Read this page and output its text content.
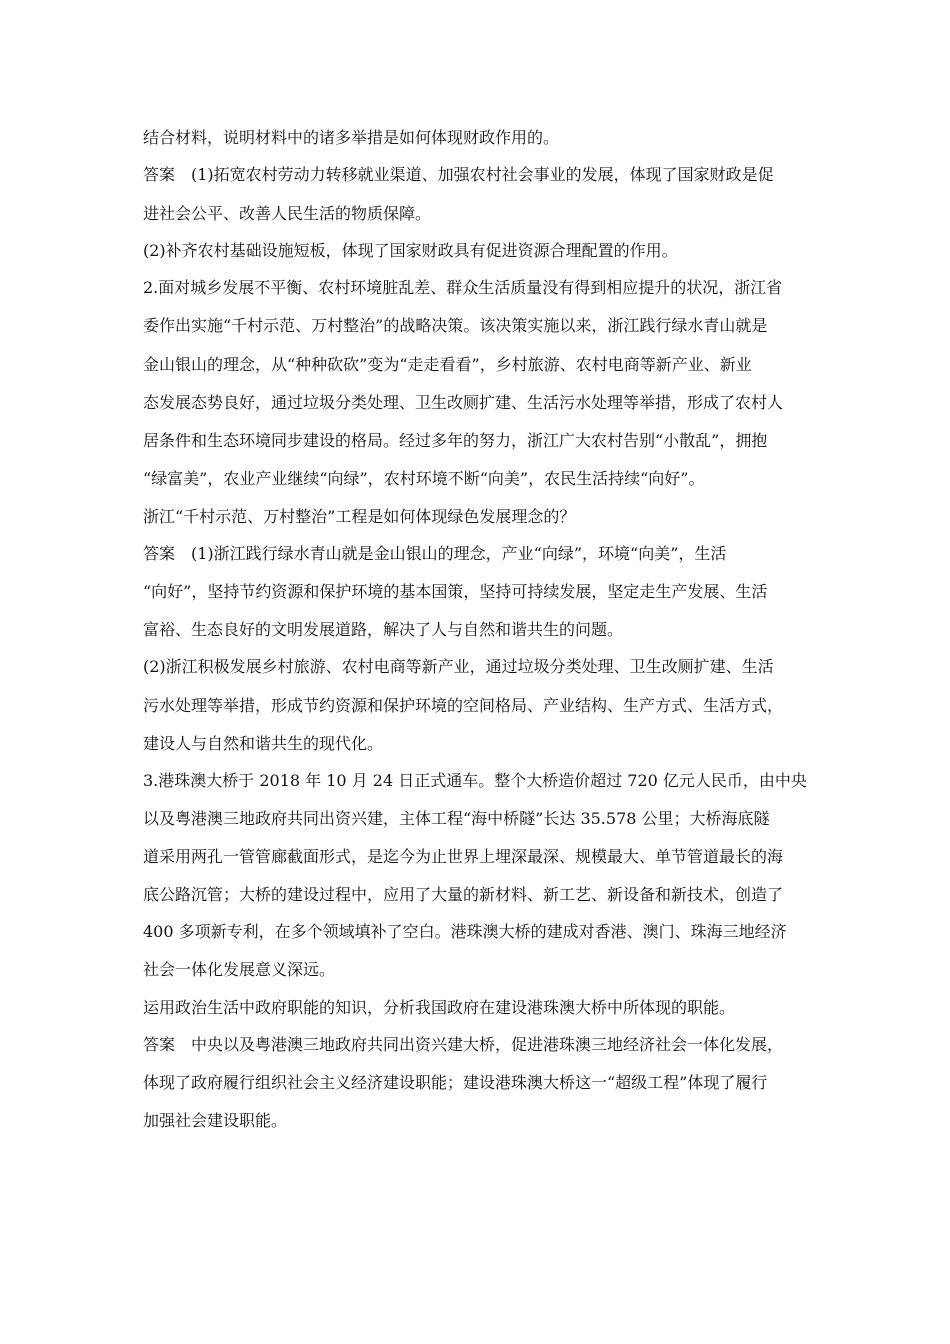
结合材料，说明材料中的诸多举措是如何体现财政作用的。
答案　(1)拓宽农村劳动力转移就业渠道、加强农村社会事业的发展，体现了国家财政是促
进社会公平、改善人民生活的物质保障。
(2)补齐农村基础设施短板，体现了国家财政具有促进资源合理配置的作用。
2.面对城乡发展不平衡、农村环境脏乱差、群众生活质量没有得到相应提升的状况，浙江省
委作出实施“千村示范、万村整治”的战略决策。该决策实施以来，浙江践行绿水青山就是
金山银山的理念，从“种种砍砍”变为“走走看看”，乡村旅游、农村电商等新产业、新业
态发展态势良好，通过垃圾分类处理、卫生改厕扩建、生活污水处理等举措，形成了农村人
居条件和生态环境同步建设的格局。经过多年的努力，浙江广大农村告别“小散乱”，拥抱
“绿富美”，农业产业继续“向绿”，农村环境不断“向美”，农民生活持续“向好”。
浙江“千村示范、万村整治”工程是如何体现绿色发展理念的？
答案　(1)浙江践行绿水青山就是金山银山的理念，产业“向绿”，环境“向美”，生活
“向好”，坚持节约资源和保护环境的基本国策，坚持可持续发展，坚定走生产发展、生活
富裕、生态良好的文明发展道路，解决了人与自然和谐共生的问题。
(2)浙江积极发展乡村旅游、农村电商等新产业，通过垃圾分类处理、卫生改厕扩建、生活
污水处理等举措，形成节约资源和保护环境的空间格局、产业结构、生产方式、生活方式，
建设人与自然和谐共生的现代化。
3.港珠澳大桥于 2018 年 10 月 24 日正式通车。整个大桥造价超过 720 亿元人民币，由中央
以及粤港澳三地政府共同出资兴建，主体工程“海中桥隧”长达 35.578 公里；大桥海底隧
道采用两孔一管管廊截面形式，是迄今为止世界上埋深最深、规模最大、单节管道最长的海
底公路沉管；大桥的建设过程中，应用了大量的新材料、新工艺、新设备和新技术，创造了
400 多项新专利，在多个领域填补了空白。港珠澳大桥的建成对香港、澳门、珠海三地经济
社会一体化发展意义深远。
运用政治生活中政府职能的知识，分析我国政府在建设港珠澳大桥中所体现的职能。
答案　中央以及粤港澳三地政府共同出资兴建大桥，促进港珠澳三地经济社会一体化发展，
体现了政府履行组织社会主义经济建设职能；建设港珠澳大桥这一“超级工程”体现了履行
加强社会建设职能。
